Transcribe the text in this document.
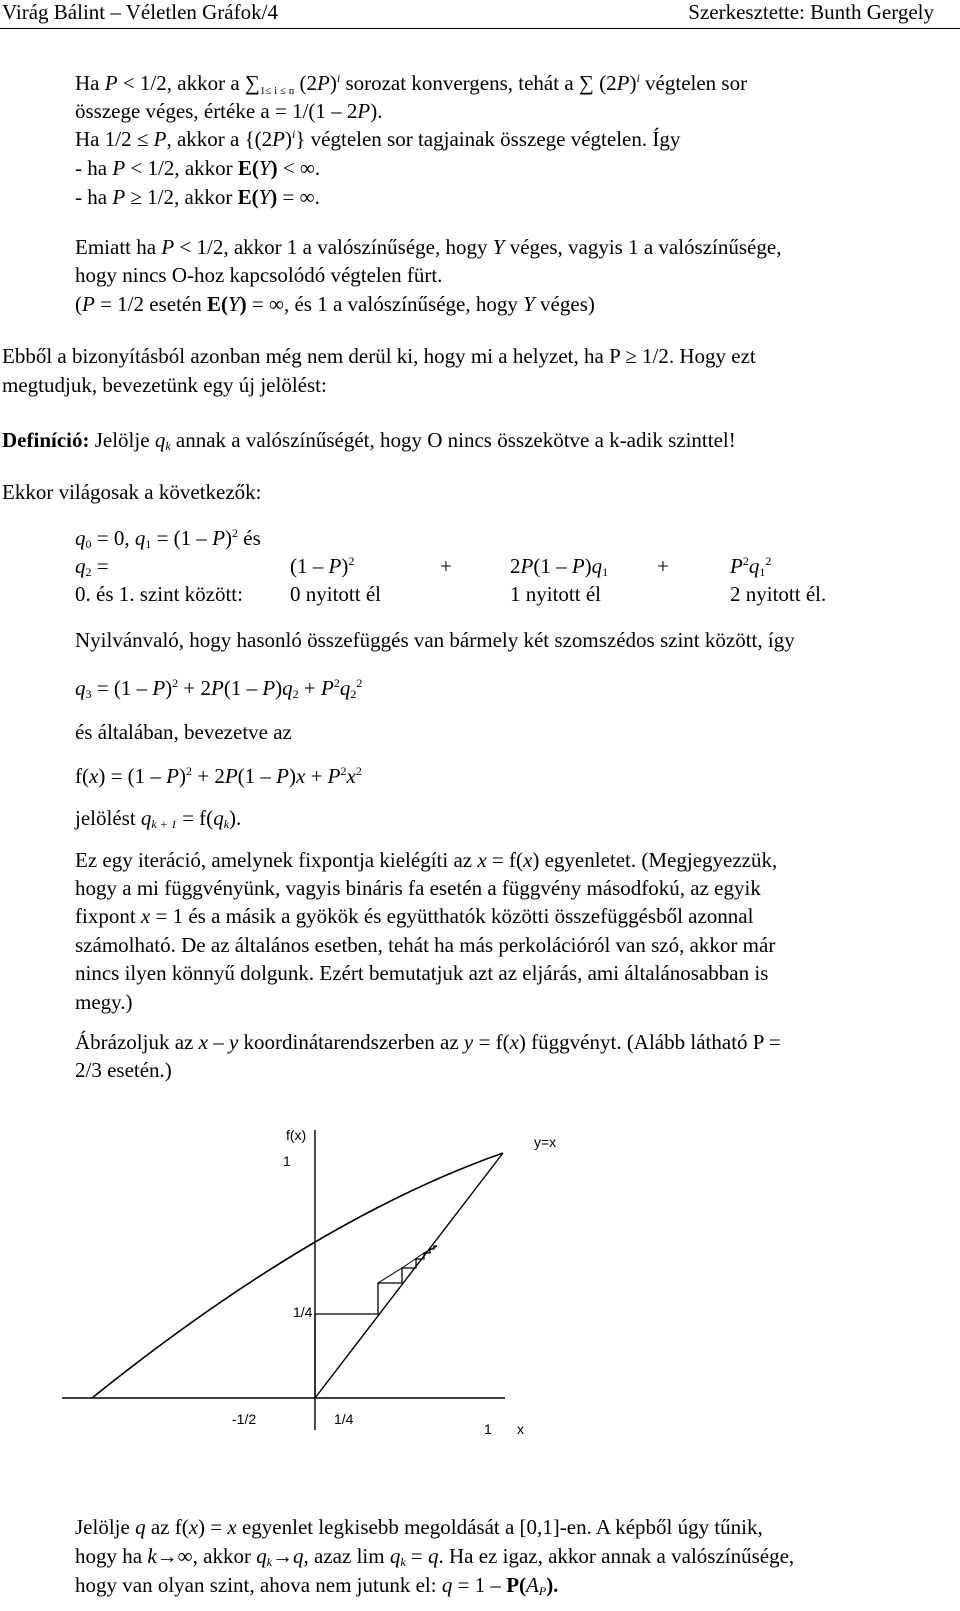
Virág Bálint – Véletlen Gráfok/4	Szerkesztette: Bunth Gergely
Ha P < 1/2, akkor a ∑1≤ i ≤ n $(2P)^i$ sorozat konvergens, tehát a ∑ $(2P)^i$ végtelen sor
összege véges, értéke a = 1/(1 – 2P).
Ha 1/2 ≤ P, akkor a $\{(2P)^i\}$ végtelen sor tagjainak összege végtelen. Így
- ha P < 1/2, akkor E(Y) < ∞.
- ha P ≥ 1/2, akkor E(Y) = ∞.
Emiatt ha P < 1/2, akkor 1 a valószínűsége, hogy Y véges, vagyis 1 a valószínűsége,
hogy nincs O-hoz kapcsolódó végtelen fürt.
(P = 1/2 esetén E(Y) = ∞, és 1 a valószínűsége, hogy Y véges)
Ebből a bizonyításból azonban még nem derül ki, hogy mi a helyzet, ha P ≥ 1/2. Hogy ezt
megtudjuk, bevezetünk egy új jelölést:
Definíció: Jelölje $q_k$ annak a valószínűségét, hogy O nincs összekötve a k-adik szinttel!
Ekkor világosak a következők:
$q_0 = 0$, $q_1 = (1 - P)^2$ és
$q_2$ =	(1 – P)$^2$	+	$2P(1 - P)q_1$ +	$P^2q_1^2$
0. és 1. szint között: 0 nyitott él	1 nyitott él	2 nyitott él.
Nyilvánvaló, hogy hasonló összefüggés van bármely két szomszédos szint között, így
$q_3 = (1 - P)^2 + 2P(1 - P)q_2 + P^2q_2^2$
és általában, bevezetve az
$f(x) = (1 - P)^2 + 2P(1 - P)x + P^2x^2$
jelölést $q_{k + 1} = f(q_k)$.
Ez egy iteráció, amelynek fixpontja kielégíti az x = f(x) egyenletet. (Megjegyezzük,
hogy a mi függvényünk, vagyis bináris fa esetén a függvény másodfokú, az egyik
fixpont x = 1 és a másik a gyökök és együtthatók közötti összefüggésből azonnal
számolható. De az általános esetben, tehát ha más perkolációról van szó, akkor már
nincs ilyen könnyű dolgunk. Ezért bemutatjuk azt az eljárás, ami általánosabban is
megy.)
Ábrázoljuk az x – y koordinátarendszerben az y = f(x) függvényt. (Alább látható P =
2/3 esetén.)
f(x)	y=x
1
1/4
-1/2	1/4
1 x
Jelölje q az f(x) = x egyenlet legkisebb megoldását a [0,1]-en. A képből úgy tűnik,
hogy ha k→∞, akkor $q_k\to q$, azaz $\lim q_k = q$. Ha ez igaz, akkor annak a valószínűsége,
hogy van olyan szint, ahova nem jutunk el: $q = 1 - P(A_P)$.
